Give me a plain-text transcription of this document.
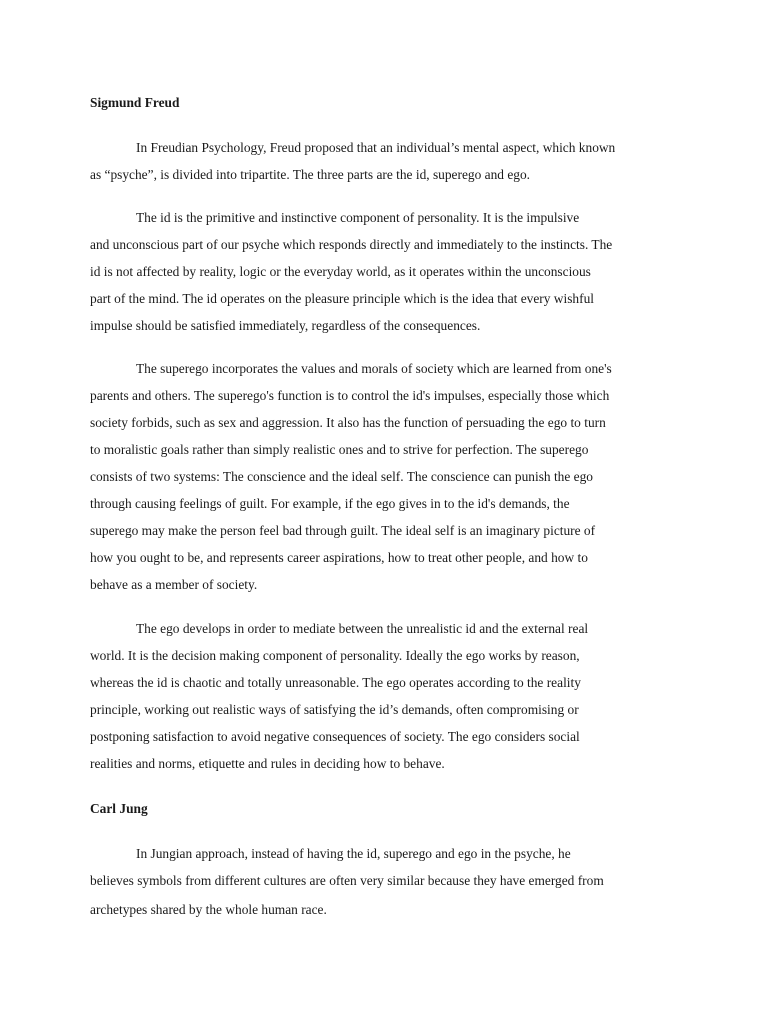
Sigmund Freud
In Freudian Psychology, Freud proposed that an individual’s mental aspect, which known
as “psyche”, is divided into tripartite. The three parts are the id, superego and ego.
The id is the primitive and instinctive component of personality. It is the impulsive
and unconscious part of our psyche which responds directly and immediately to the instincts. The
id is not affected by reality, logic or the everyday world, as it operates within the unconscious
part of the mind. The id operates on the pleasure principle which is the idea that every wishful
impulse should be satisfied immediately, regardless of the consequences.
The superego incorporates the values and morals of society which are learned from one's
parents and others. The superego's function is to control the id's impulses, especially those which
society forbids, such as sex and aggression. It also has the function of persuading the ego to turn
to moralistic goals rather than simply realistic ones and to strive for perfection. The superego
consists of two systems: The conscience and the ideal self. The conscience can punish the ego
through causing feelings of guilt. For example, if the ego gives in to the id's demands, the
superego may make the person feel bad through guilt. The ideal self is an imaginary picture of
how you ought to be, and represents career aspirations, how to treat other people, and how to
behave as a member of society.
The ego develops in order to mediate between the unrealistic id and the external real
world. It is the decision making component of personality. Ideally the ego works by reason,
whereas the id is chaotic and totally unreasonable. The ego operates according to the reality
principle, working out realistic ways of satisfying the id’s demands, often compromising or
postponing satisfaction to avoid negative consequences of society. The ego considers social
realities and norms, etiquette and rules in deciding how to behave.
Carl Jung
In Jungian approach, instead of having the id, superego and ego in the psyche, he
believes symbols from different cultures are often very similar because they have emerged from
archetypes shared by the whole human race.
